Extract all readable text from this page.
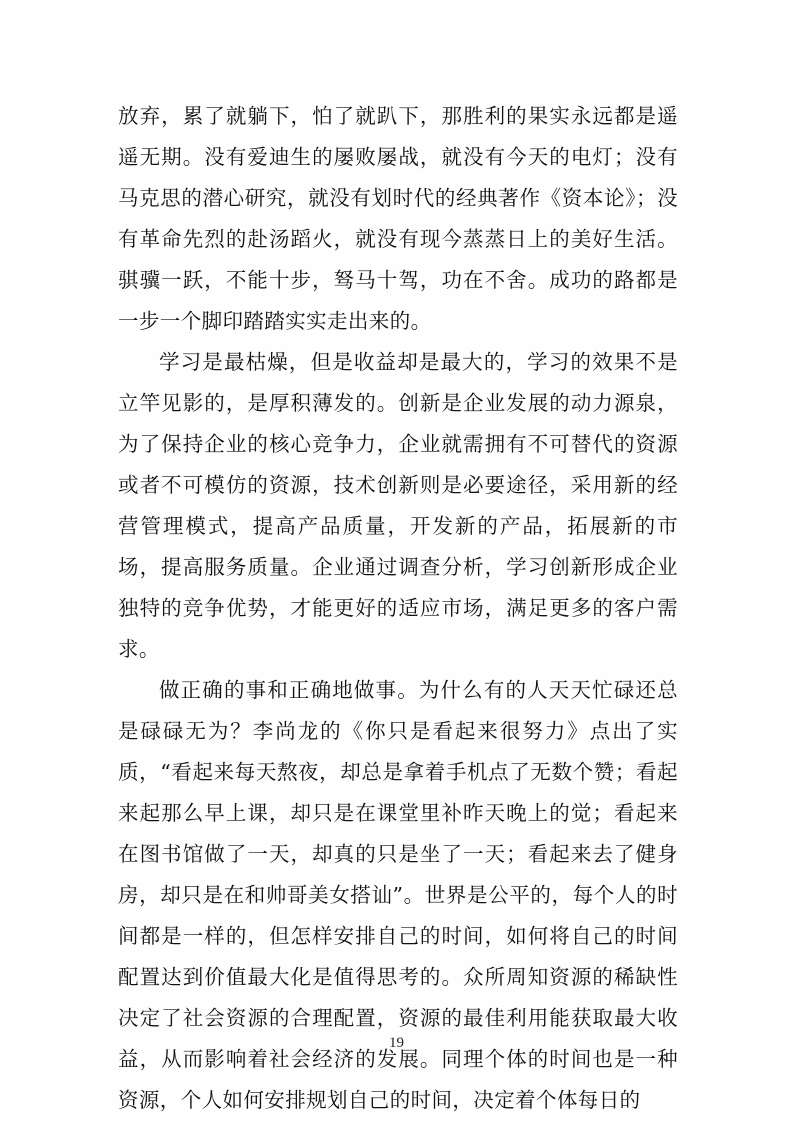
放弃，累了就躺下，怕了就趴下，那胜利的果实永远都是遥遥无期。没有爱迪生的屡败屡战，就没有今天的电灯；没有马克思的潜心研究，就没有划时代的经典著作《资本论》；没有革命先烈的赴汤蹈火，就没有现今蒸蒸日上的美好生活。骐骥一跃，不能十步，驽马十驾，功在不舍。成功的路都是一步一个脚印踏踏实实走出来的。

学习是最枯燥，但是收益却是最大的，学习的效果不是立竿见影的，是厚积薄发的。创新是企业发展的动力源泉，为了保持企业的核心竞争力，企业就需拥有不可替代的资源或者不可模仿的资源，技术创新则是必要途径，采用新的经营管理模式，提高产品质量，开发新的产品，拓展新的市场，提高服务质量。企业通过调查分析，学习创新形成企业独特的竞争优势，才能更好的适应市场，满足更多的客户需求。

做正确的事和正确地做事。为什么有的人天天忙碌还总是碌碌无为？李尚龙的《你只是看起来很努力》点出了实质，“看起来每天熬夜，却总是拿着手机点了无数个赞；看起来起那么早上课，却只是在课堂里补昨天晚上的觉；看起来在图书馆做了一天，却真的只是坐了一天；看起来去了健身房，却只是在和帅哥美女搭讪”。世界是公平的，每个人的时间都是一样的，但怎样安排自己的时间，如何将自己的时间配置达到价值最大化是值得思考的。众所周知资源的稀缺性决定了社会资源的合理配置，资源的最佳利用能获取最大收益，从而影响着社会经济的发展。同理个体的时间也是一种资源，个人如何安排规划自己的时间，决定着个体每日的

19
